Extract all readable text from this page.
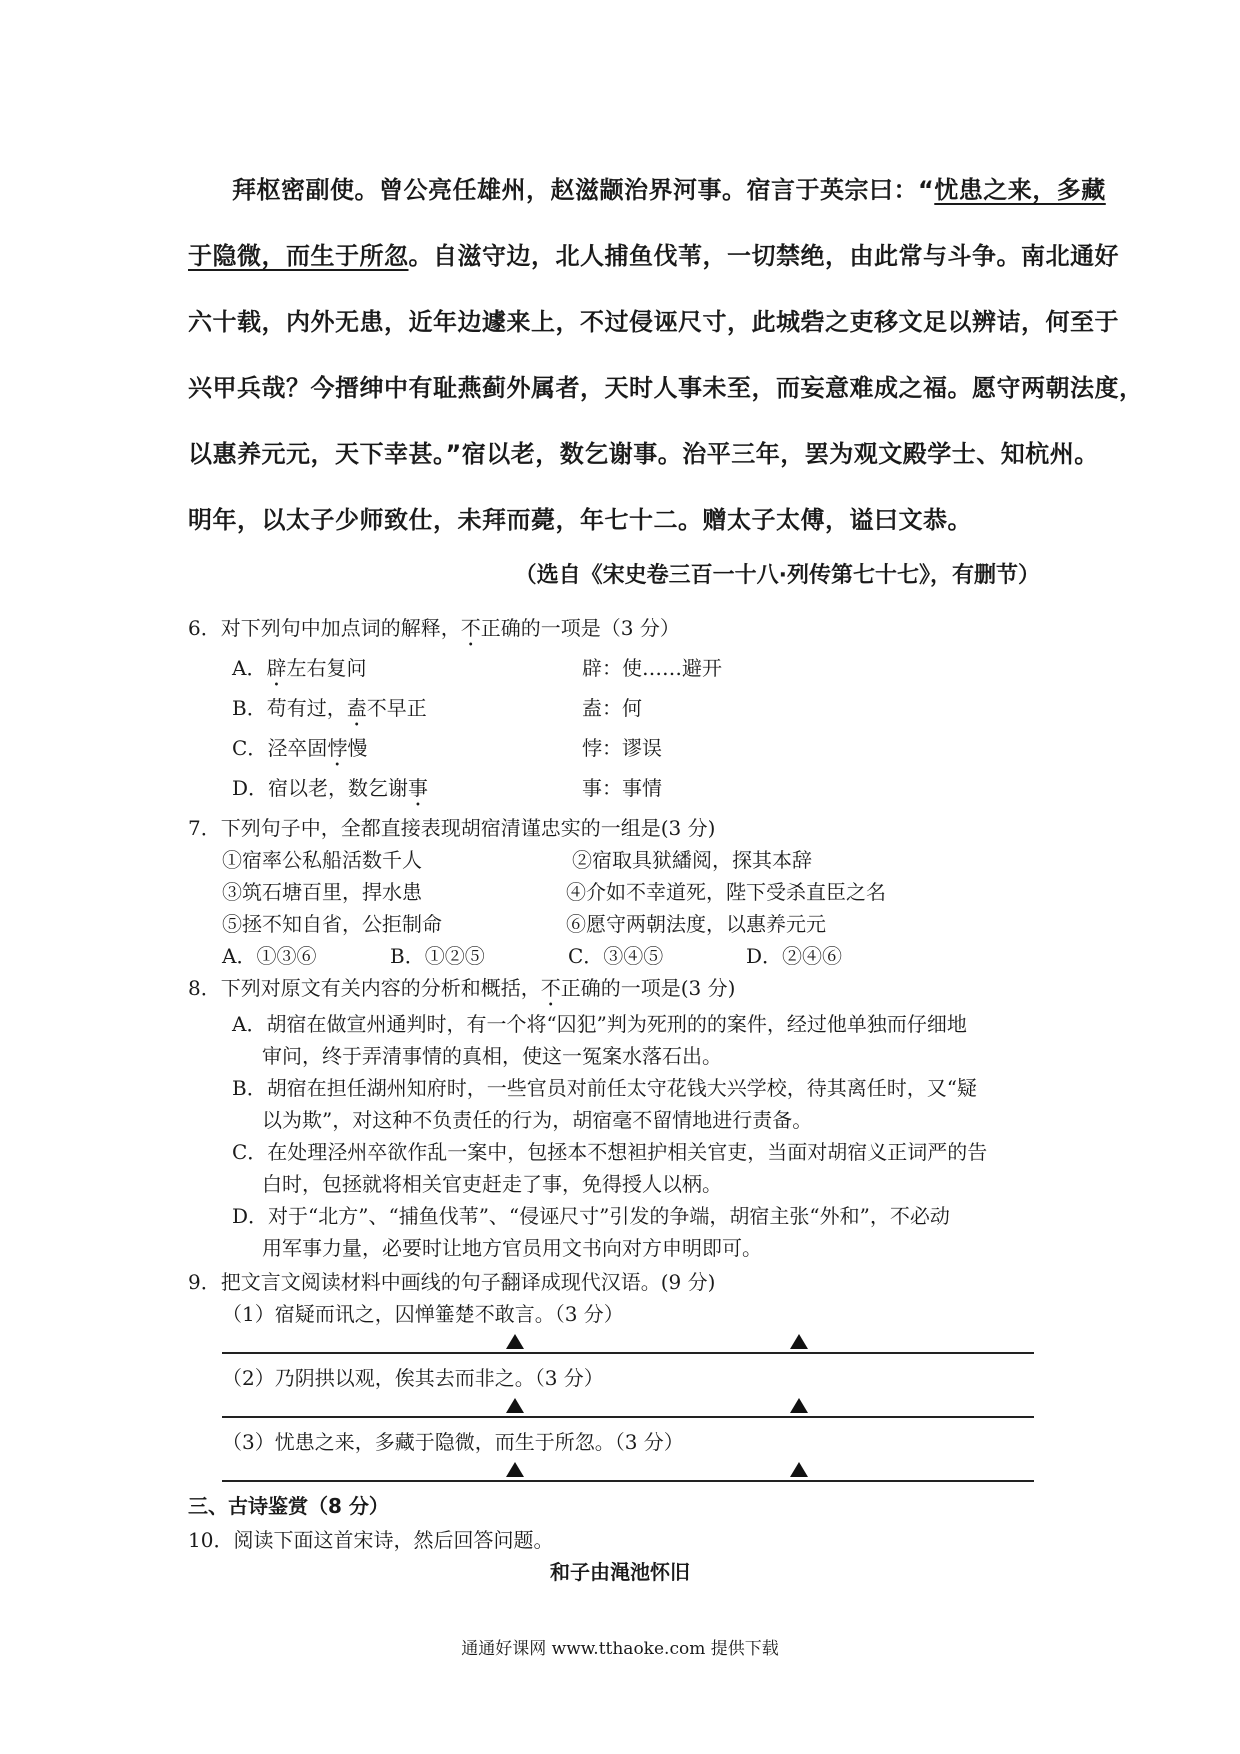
拜枢密副使。曾公亮任雄州，赵滋颛治界河事。宿言于英宗曰：“忧患之来，多藏
于隐微，而生于所忽。自滋守边，北人捕鱼伐苇，一切禁绝，由此常与斗争。南北通好
六十载，内外无患，近年边遽来上，不过侵诬尺寸，此城砦之吏移文足以辨诘，何至于
兴甲兵哉？今搢绅中有耻燕蓟外属者，天时人事未至，而妄意难成之福。愿守两朝法度，
以惠养元元，天下幸甚。”宿以老，数乞谢事。治平三年，罢为观文殿学士、知杭州。
明年，以太子少师致仕，未拜而薨，年七十二。赠太子太傅，谥曰文恭。
（选自《宋史卷三百一十八·列传第七十七》，有删节）
6．对下列句中加点词的解释，不正确的一项是（3 分）
A．辟左右复问	辟：使……避开
B．苟有过，盍不早正	盍：何
C．泾卒固悖慢	悖：谬误
D．宿以老，数乞谢事	事：事情
7．下列句子中，全都直接表现胡宿清谨忠实的一组是(3 分)
①宿率公私船活数千人	②宿取具狱繙阅，探其本辞
③筑石塘百里，捍水患	④介如不幸道死，陛下受杀直臣之名
⑤拯不知自省，公拒制命	⑥愿守两朝法度，以惠养元元
A．①③⑥	B．①②⑤	C．③④⑤	D．②④⑥
8．下列对原文有关内容的分析和概括，不正确的一项是(3 分)
A．胡宿在做宣州通判时，有一个将“囚犯”判为死刑的的案件，经过他单独而仔细地
审问，终于弄清事情的真相，使这一冤案水落石出。
B．胡宿在担任湖州知府时，一些官员对前任太守花钱大兴学校，待其离任时，又“疑
以为欺”，对这种不负责任的行为，胡宿毫不留情地进行责备。
C．在处理泾州卒欲作乱一案中，包拯本不想袒护相关官吏，当面对胡宿义正词严的告
白时，包拯就将相关官吏赶走了事，免得授人以柄。
D．对于“北方”、“捕鱼伐苇”、“侵诬尺寸”引发的争端，胡宿主张“外和”，不必动
用军事力量，必要时让地方官员用文书向对方申明即可。
9．把文言文阅读材料中画线的句子翻译成现代汉语。(9 分)
（1）宿疑而讯之，囚惮箠楚不敢言。（3 分）
（2）乃阴拱以观，俟其去而非之。（3 分）
（3）忧患之来，多藏于隐微，而生于所忽。（3 分）
三、古诗鉴赏（8 分）
10．阅读下面这首宋诗，然后回答问题。
和子由渑池怀旧
通通好课网 www.tthaoke.com 提供下载
